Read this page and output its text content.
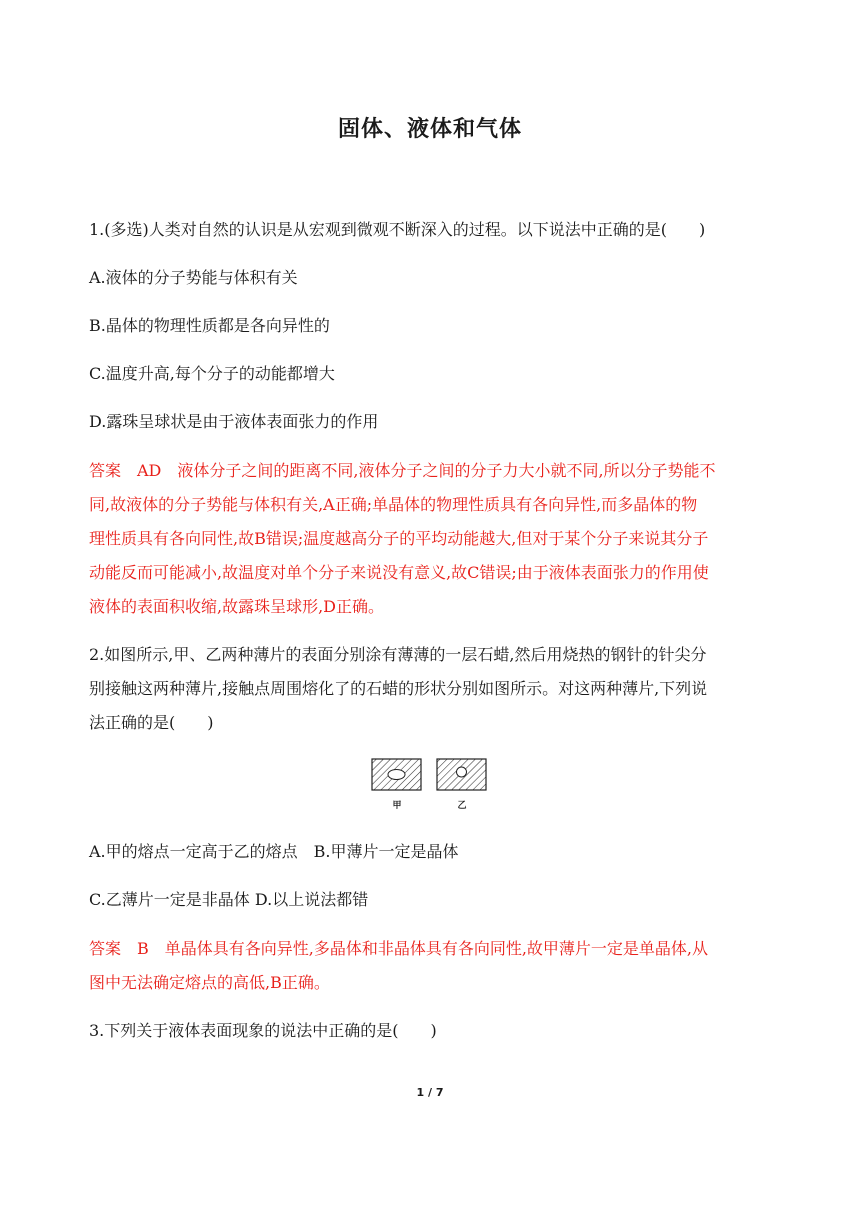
固体、液体和气体
1.(多选)人类对自然的认识是从宏观到微观不断深入的过程。以下说法中正确的是(　　)
A.液体的分子势能与体积有关
B.晶体的物理性质都是各向异性的
C.温度升高,每个分子的动能都增大
D.露珠呈球状是由于液体表面张力的作用
答案　AD　液体分子之间的距离不同,液体分子之间的分子力大小就不同,所以分子势能不
同,故液体的分子势能与体积有关,A正确;单晶体的物理性质具有各向异性,而多晶体的物
理性质具有各向同性,故B错误;温度越高分子的平均动能越大,但对于某个分子来说其分子
动能反而可能减小,故温度对单个分子来说没有意义,故C错误;由于液体表面张力的作用使
液体的表面积收缩,故露珠呈球形,D正确。
2.如图所示,甲、乙两种薄片的表面分别涂有薄薄的一层石蜡,然后用烧热的钢针的针尖分
别接触这两种薄片,接触点周围熔化了的石蜡的形状分别如图所示。对这两种薄片,下列说
法正确的是(　　)
甲	乙
A.甲的熔点一定高于乙的熔点　B.甲薄片一定是晶体
C.乙薄片一定是非晶体 D.以上说法都错
答案　B　单晶体具有各向异性,多晶体和非晶体具有各向同性,故甲薄片一定是单晶体,从
图中无法确定熔点的高低,B正确。
3.下列关于液体表面现象的说法中正确的是(　　)
1 / 7
